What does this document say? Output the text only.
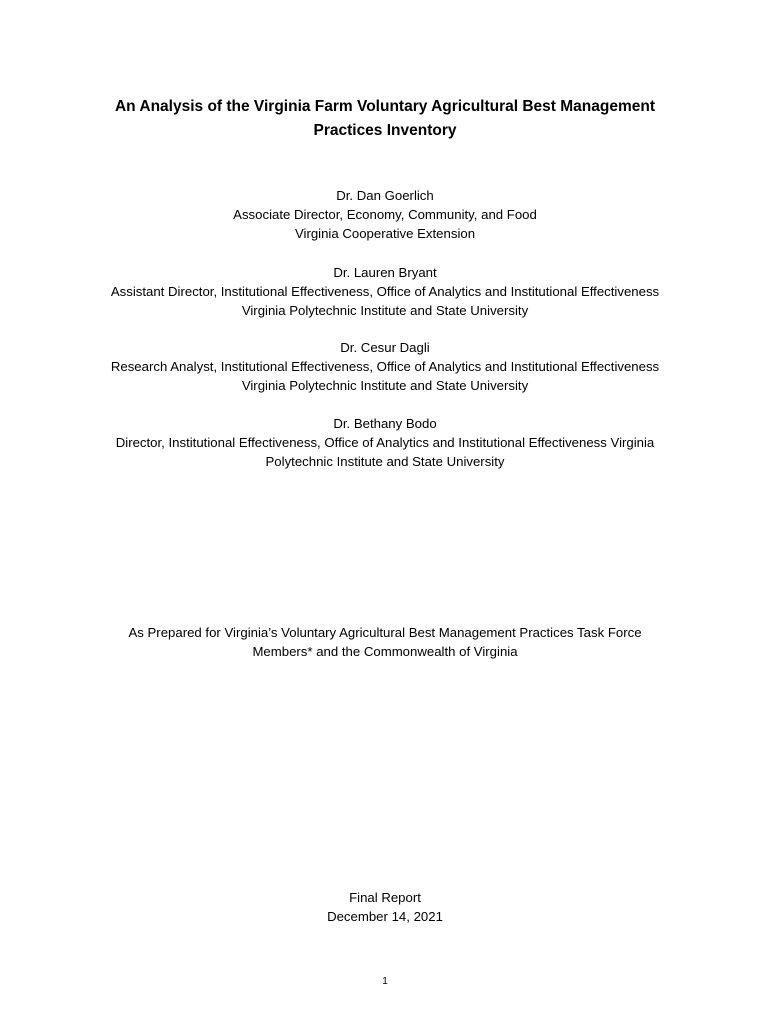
An Analysis of the Virginia Farm Voluntary Agricultural Best Management
Practices Inventory
Dr. Dan Goerlich
Associate Director, Economy, Community, and Food
Virginia Cooperative Extension
Dr. Lauren Bryant
Assistant Director, Institutional Effectiveness, Office of Analytics and Institutional Effectiveness
Virginia Polytechnic Institute and State University
Dr. Cesur Dagli
Research Analyst, Institutional Effectiveness, Office of Analytics and Institutional Effectiveness
Virginia Polytechnic Institute and State University
Dr. Bethany Bodo
Director, Institutional Effectiveness, Office of Analytics and Institutional Effectiveness Virginia
Polytechnic Institute and State University
As Prepared for Virginia’s Voluntary Agricultural Best Management Practices Task Force
Members* and the Commonwealth of Virginia
Final Report
December 14, 2021
1
